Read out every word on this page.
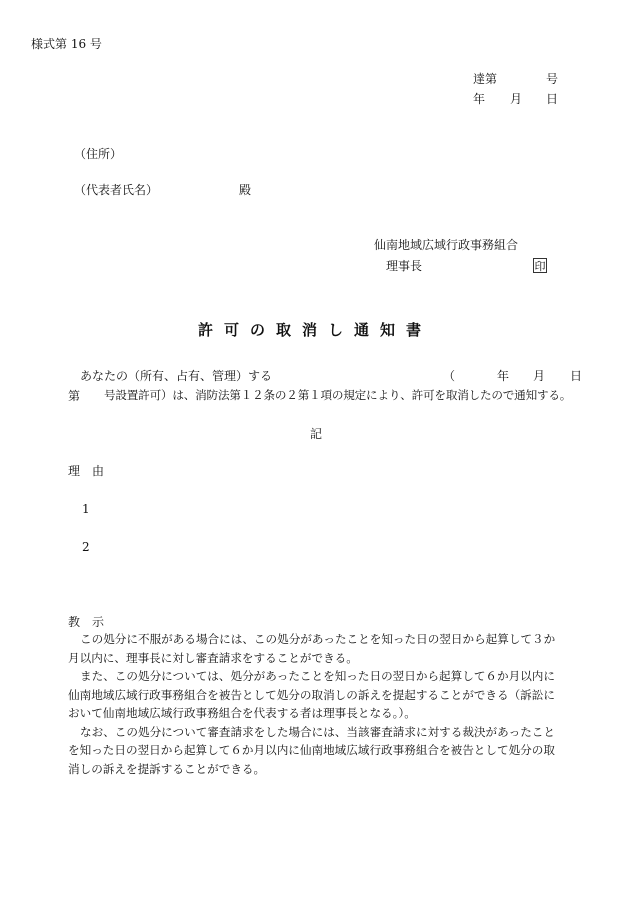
様式第 16 号
達第	号
年 月 日
（住所）
（代表者氏名）	殿
仙南地域広域行政事務組合
理事長	印
許可の取消し通知書
あなたの（所有、占有、管理）する	（	年 月 日
第 号設置許可）は、消防法第１２条の２第１項の規定により、許可を取消したので通知する。
記
理　由
1
2
教　示
この処分に不服がある場合には、この処分があったことを知った日の翌日から起算して３か
月以内に、理事長に対し審査請求をすることができる。
また、この処分については、処分があったことを知った日の翌日から起算して６か月以内に
仙南地域広域行政事務組合を被告として処分の取消しの訴えを提起することができる（訴訟に
おいて仙南地域広域行政事務組合を代表する者は理事長となる。）。
なお、この処分について審査請求をした場合には、当該審査請求に対する裁決があったこと
を知った日の翌日から起算して６か月以内に仙南地域広域行政事務組合を被告として処分の取
消しの訴えを提訴することができる。
